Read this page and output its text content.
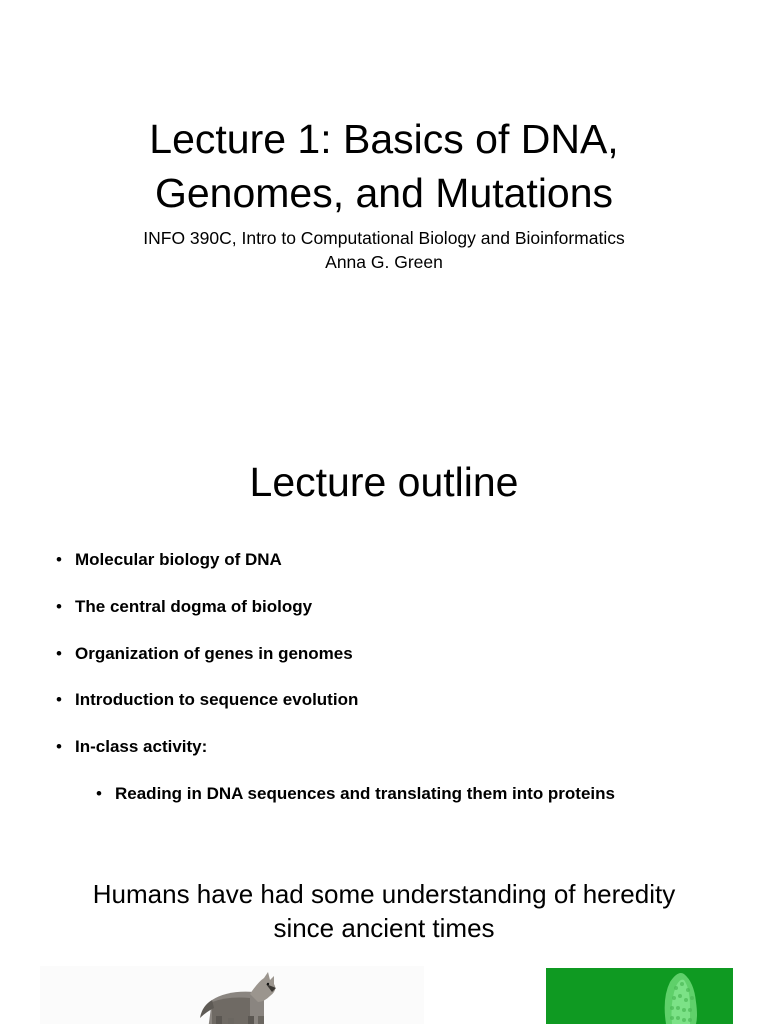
Lecture 1: Basics of DNA,
Genomes, and Mutations
INFO 390C, Intro to Computational Biology and Bioinformatics
Anna G. Green
Lecture outline
• Molecular biology of DNA
• The central dogma of biology
• Organization of genes in genomes
• Introduction to sequence evolution
• In-class activity:
• Reading in DNA sequences and translating them into proteins
Humans have had some understanding of heredity
since ancient times
